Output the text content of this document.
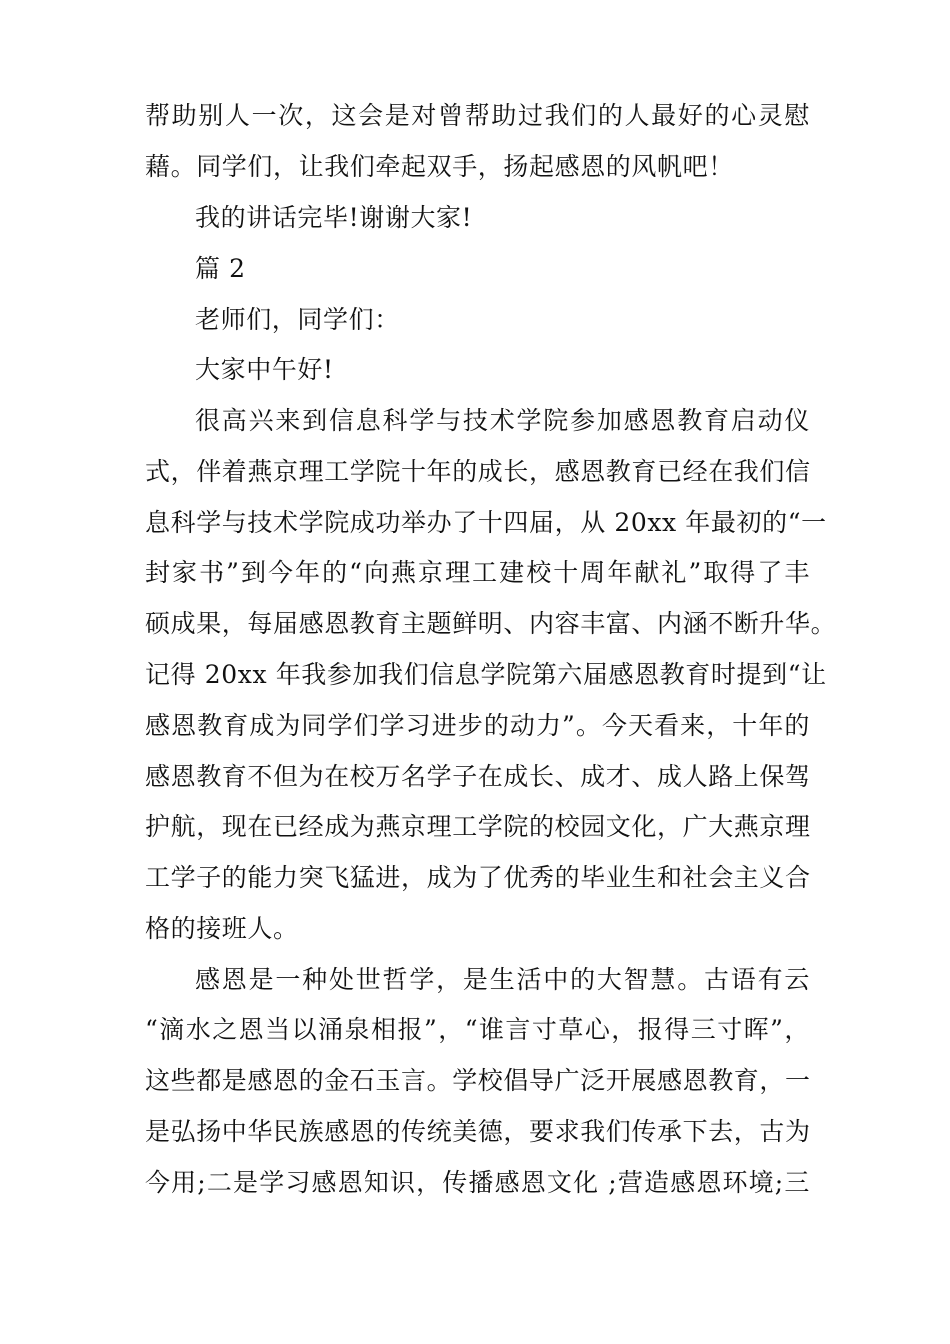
帮助别人一次，这会是对曾帮助过我们的人最好的心灵慰
藉。同学们，让我们牵起双手，扬起感恩的风帆吧！
我的讲话完毕!谢谢大家!
篇 2
老师们，同学们：
大家中午好!
很高兴来到信息科学与技术学院参加感恩教育启动仪
式，伴着燕京理工学院十年的成长，感恩教育已经在我们信
息科学与技术学院成功举办了十四届，从 20xx 年最初的“一
封家书”到今年的“向燕京理工建校十周年献礼”取得了丰
硕成果，每届感恩教育主题鲜明、内容丰富、内涵不断升华。
记得 20xx 年我参加我们信息学院第六届感恩教育时提到“让
感恩教育成为同学们学习进步的动力”。今天看来，十年的
感恩教育不但为在校万名学子在成长、成才、成人路上保驾
护航，现在已经成为燕京理工学院的校园文化，广大燕京理
工学子的能力突飞猛进，成为了优秀的毕业生和社会主义合
格的接班人。
感恩是一种处世哲学，是生活中的大智慧。古语有云
“滴水之恩当以涌泉相报”，“谁言寸草心，报得三寸晖”，
这些都是感恩的金石玉言。学校倡导广泛开展感恩教育，一
是弘扬中华民族感恩的传统美德，要求我们传承下去，古为
今用;二是学习感恩知识，传播感恩文化 ;营造感恩环境;三
